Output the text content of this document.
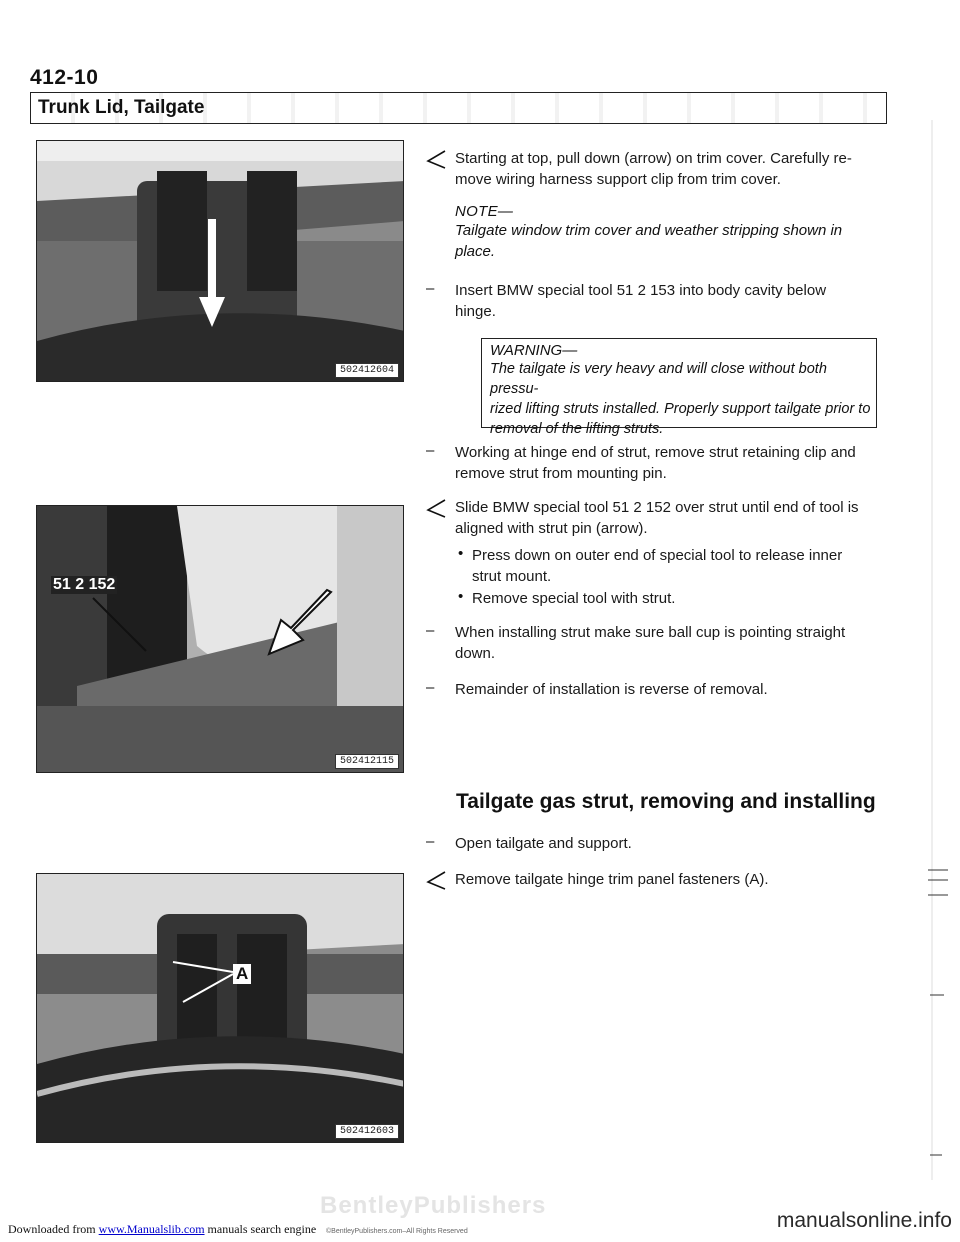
412-10
Trunk Lid, Tailgate
502412604
51 2 152
502412115
A
502412603
Starting at top, pull down (arrow) on trim cover. Carefully re-
move wiring harness support clip from trim cover.
NOTE—
Tailgate window trim cover and weather stripping shown in
place.
– Insert BMW special tool 51 2 153 into body cavity below
hinge.
WARNING—
The tailgate is very heavy and will close without both pressu-
rized lifting struts installed. Properly support tailgate prior to
removal of the lifting struts.
– Working at hinge end of strut, remove strut retaining clip and
remove strut from mounting pin.
Slide BMW special tool 51 2 152 over strut until end of tool is
aligned with strut pin (arrow).
• Press down on outer end of special tool to release inner
strut mount.
• Remove special tool with strut.
– When installing strut make sure ball cup is pointing straight
down.
– Remainder of installation is reverse of removal.
Tailgate gas strut, removing and installing
– Open tailgate and support.
Remove tailgate hinge trim panel fasteners (A).
BentleyPublishers
©BentleyPublishers.com–All Rights Reserved
Downloaded from www.Manualslib.com manuals search engine	manualsonline.info
